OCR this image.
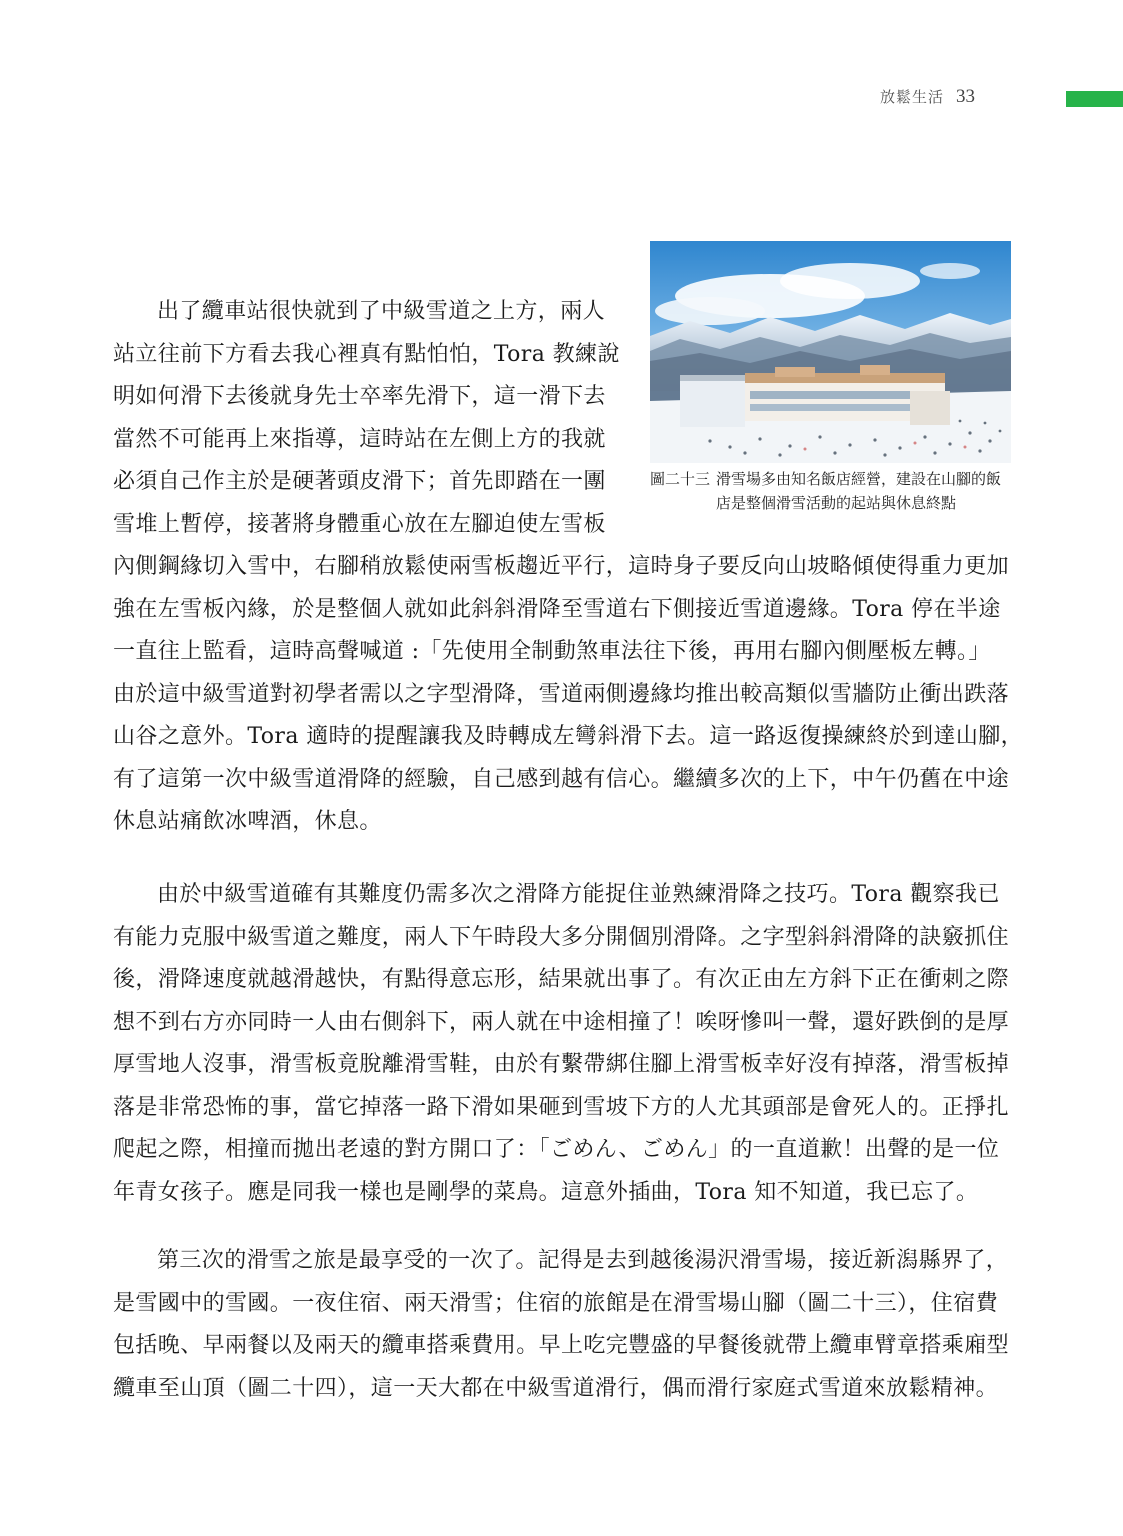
放鬆生活 33
圖二十三 滑雪場多由知名飯店經營，建設在山腳的飯店是整個滑雪活動的起站與休息終點
出了纜車站很快就到了中級雪道之上方，兩人
站立往前下方看去我心裡真有點怕怕，Tora 教練說
明如何滑下去後就身先士卒率先滑下，這一滑下去
當然不可能再上來指導，這時站在左側上方的我就
必須自己作主於是硬著頭皮滑下；首先即踏在一團
雪堆上暫停，接著將身體重心放在左腳迫使左雪板
內側鋼緣切入雪中，右腳稍放鬆使兩雪板趨近平行，這時身子要反向山坡略傾使得重力更加
強在左雪板內緣，於是整個人就如此斜斜滑降至雪道右下側接近雪道邊緣。Tora 停在半途
一直往上監看，這時高聲喊道 :「先使用全制動煞車法往下後，再用右腳內側壓板左轉。」
由於這中級雪道對初學者需以之字型滑降，雪道兩側邊緣均推出較高類似雪牆防止衝出跌落
山谷之意外。Tora 適時的提醒讓我及時轉成左彎斜滑下去。這一路返復操練終於到達山腳，
有了這第一次中級雪道滑降的經驗，自己感到越有信心。繼續多次的上下，中午仍舊在中途
休息站痛飲冰啤酒，休息。
由於中級雪道確有其難度仍需多次之滑降方能捉住並熟練滑降之技巧。Tora 觀察我已
有能力克服中級雪道之難度，兩人下午時段大多分開個別滑降。之字型斜斜滑降的訣竅抓住
後，滑降速度就越滑越快，有點得意忘形，結果就出事了。有次正由左方斜下正在衝刺之際
想不到右方亦同時一人由右側斜下，兩人就在中途相撞了！唉呀慘叫一聲，還好跌倒的是厚
厚雪地人沒事，滑雪板竟脫離滑雪鞋，由於有繫帶綁住腳上滑雪板幸好沒有掉落，滑雪板掉
落是非常恐怖的事，當它掉落一路下滑如果砸到雪坡下方的人尤其頭部是會死人的。正掙扎
爬起之際，相撞而拋出老遠的對方開口了：「ごめん、ごめん」的一直道歉！出聲的是一位
年青女孩子。應是同我一樣也是剛學的菜鳥。這意外插曲，Tora 知不知道，我已忘了。
第三次的滑雪之旅是最享受的一次了。記得是去到越後湯沢滑雪場，接近新潟縣界了，
是雪國中的雪國。一夜住宿、兩天滑雪；住宿的旅館是在滑雪場山腳（圖二十三），住宿費
包括晚、早兩餐以及兩天的纜車搭乘費用。早上吃完豐盛的早餐後就帶上纜車臂章搭乘廂型
纜車至山頂（圖二十四），這一天大都在中級雪道滑行，偶而滑行家庭式雪道來放鬆精神。
